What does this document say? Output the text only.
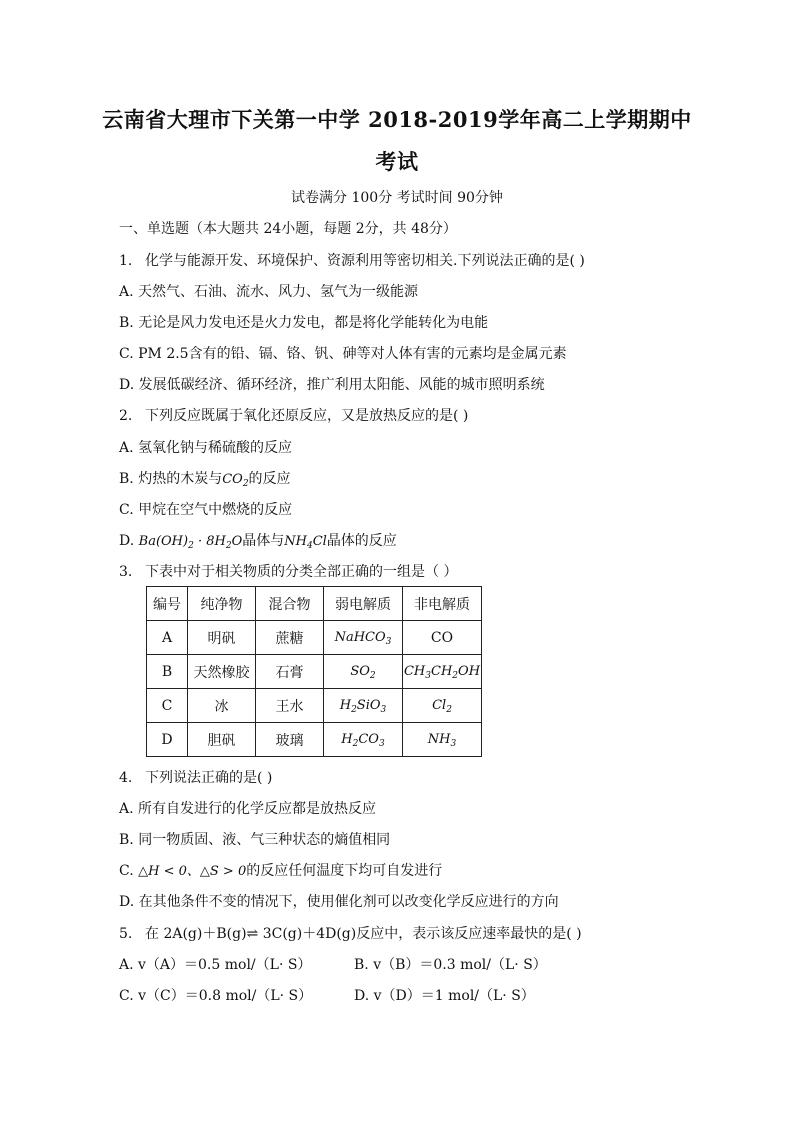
云南省大理市下关第一中学 2018-2019学年高二上学期期中
考试
试卷满分 100分 考试时间 90分钟
一、单选题（本大题共 24小题，每题 2分，共 48分）
1. 化学与能源开发、环境保护、资源利用等密切相关.下列说法正确的是( )
A. 天然气、石油、流水、风力、氢气为一级能源
B. 无论是风力发电还是火力发电，都是将化学能转化为电能
C. PM 2.5含有的铅、镉、铬、钒、砷等对人体有害的元素均是金属元素
D. 发展低碳经济、循环经济，推广利用太阳能、风能的城市照明系统
2. 下列反应既属于氧化还原反应，又是放热反应的是( )
A. 氢氧化钠与稀硫酸的反应
B. 灼热的木炭与$CO_2$的反应
C. 甲烷在空气中燃烧的反应
D. $Ba(OH)_2 \cdot 8H_2O$晶体与$NH_4Cl$晶体的反应
3. 下表中对于相关物质的分类全部正确的一组是（ ）
编号	纯净物	混合物	弱电解质	非电解质
A	明矾	蔗糖	NaHCO$_3$	CO
B	天然橡胶	石膏	$SO_2$	$CH_3CH_2OH$
C	冰	王水	$H_2SiO_3$	$Cl_2$
D	胆矾	玻璃	$H_2CO_3$	$NH_3$
4. 下列说法正确的是( )
A. 所有自发进行的化学反应都是放热反应
B. 同一物质固、液、气三种状态的熵值相同
C. △H < 0、△S > 0的反应任何温度下均可自发进行
D. 在其他条件不变的情况下，使用催化剂可以改变化学反应进行的方向
5. 在 2A(g)＋B(g)⇌ 3C(g)＋4D(g)反应中，表示该反应速率最快的是( )
A. v（A）＝0.5 mol/（L· S）	B. v（B）＝0.3 mol/（L· S）
C. v（C）＝0.8 mol/（L· S）	D. v（D）＝1 mol/（L· S）
